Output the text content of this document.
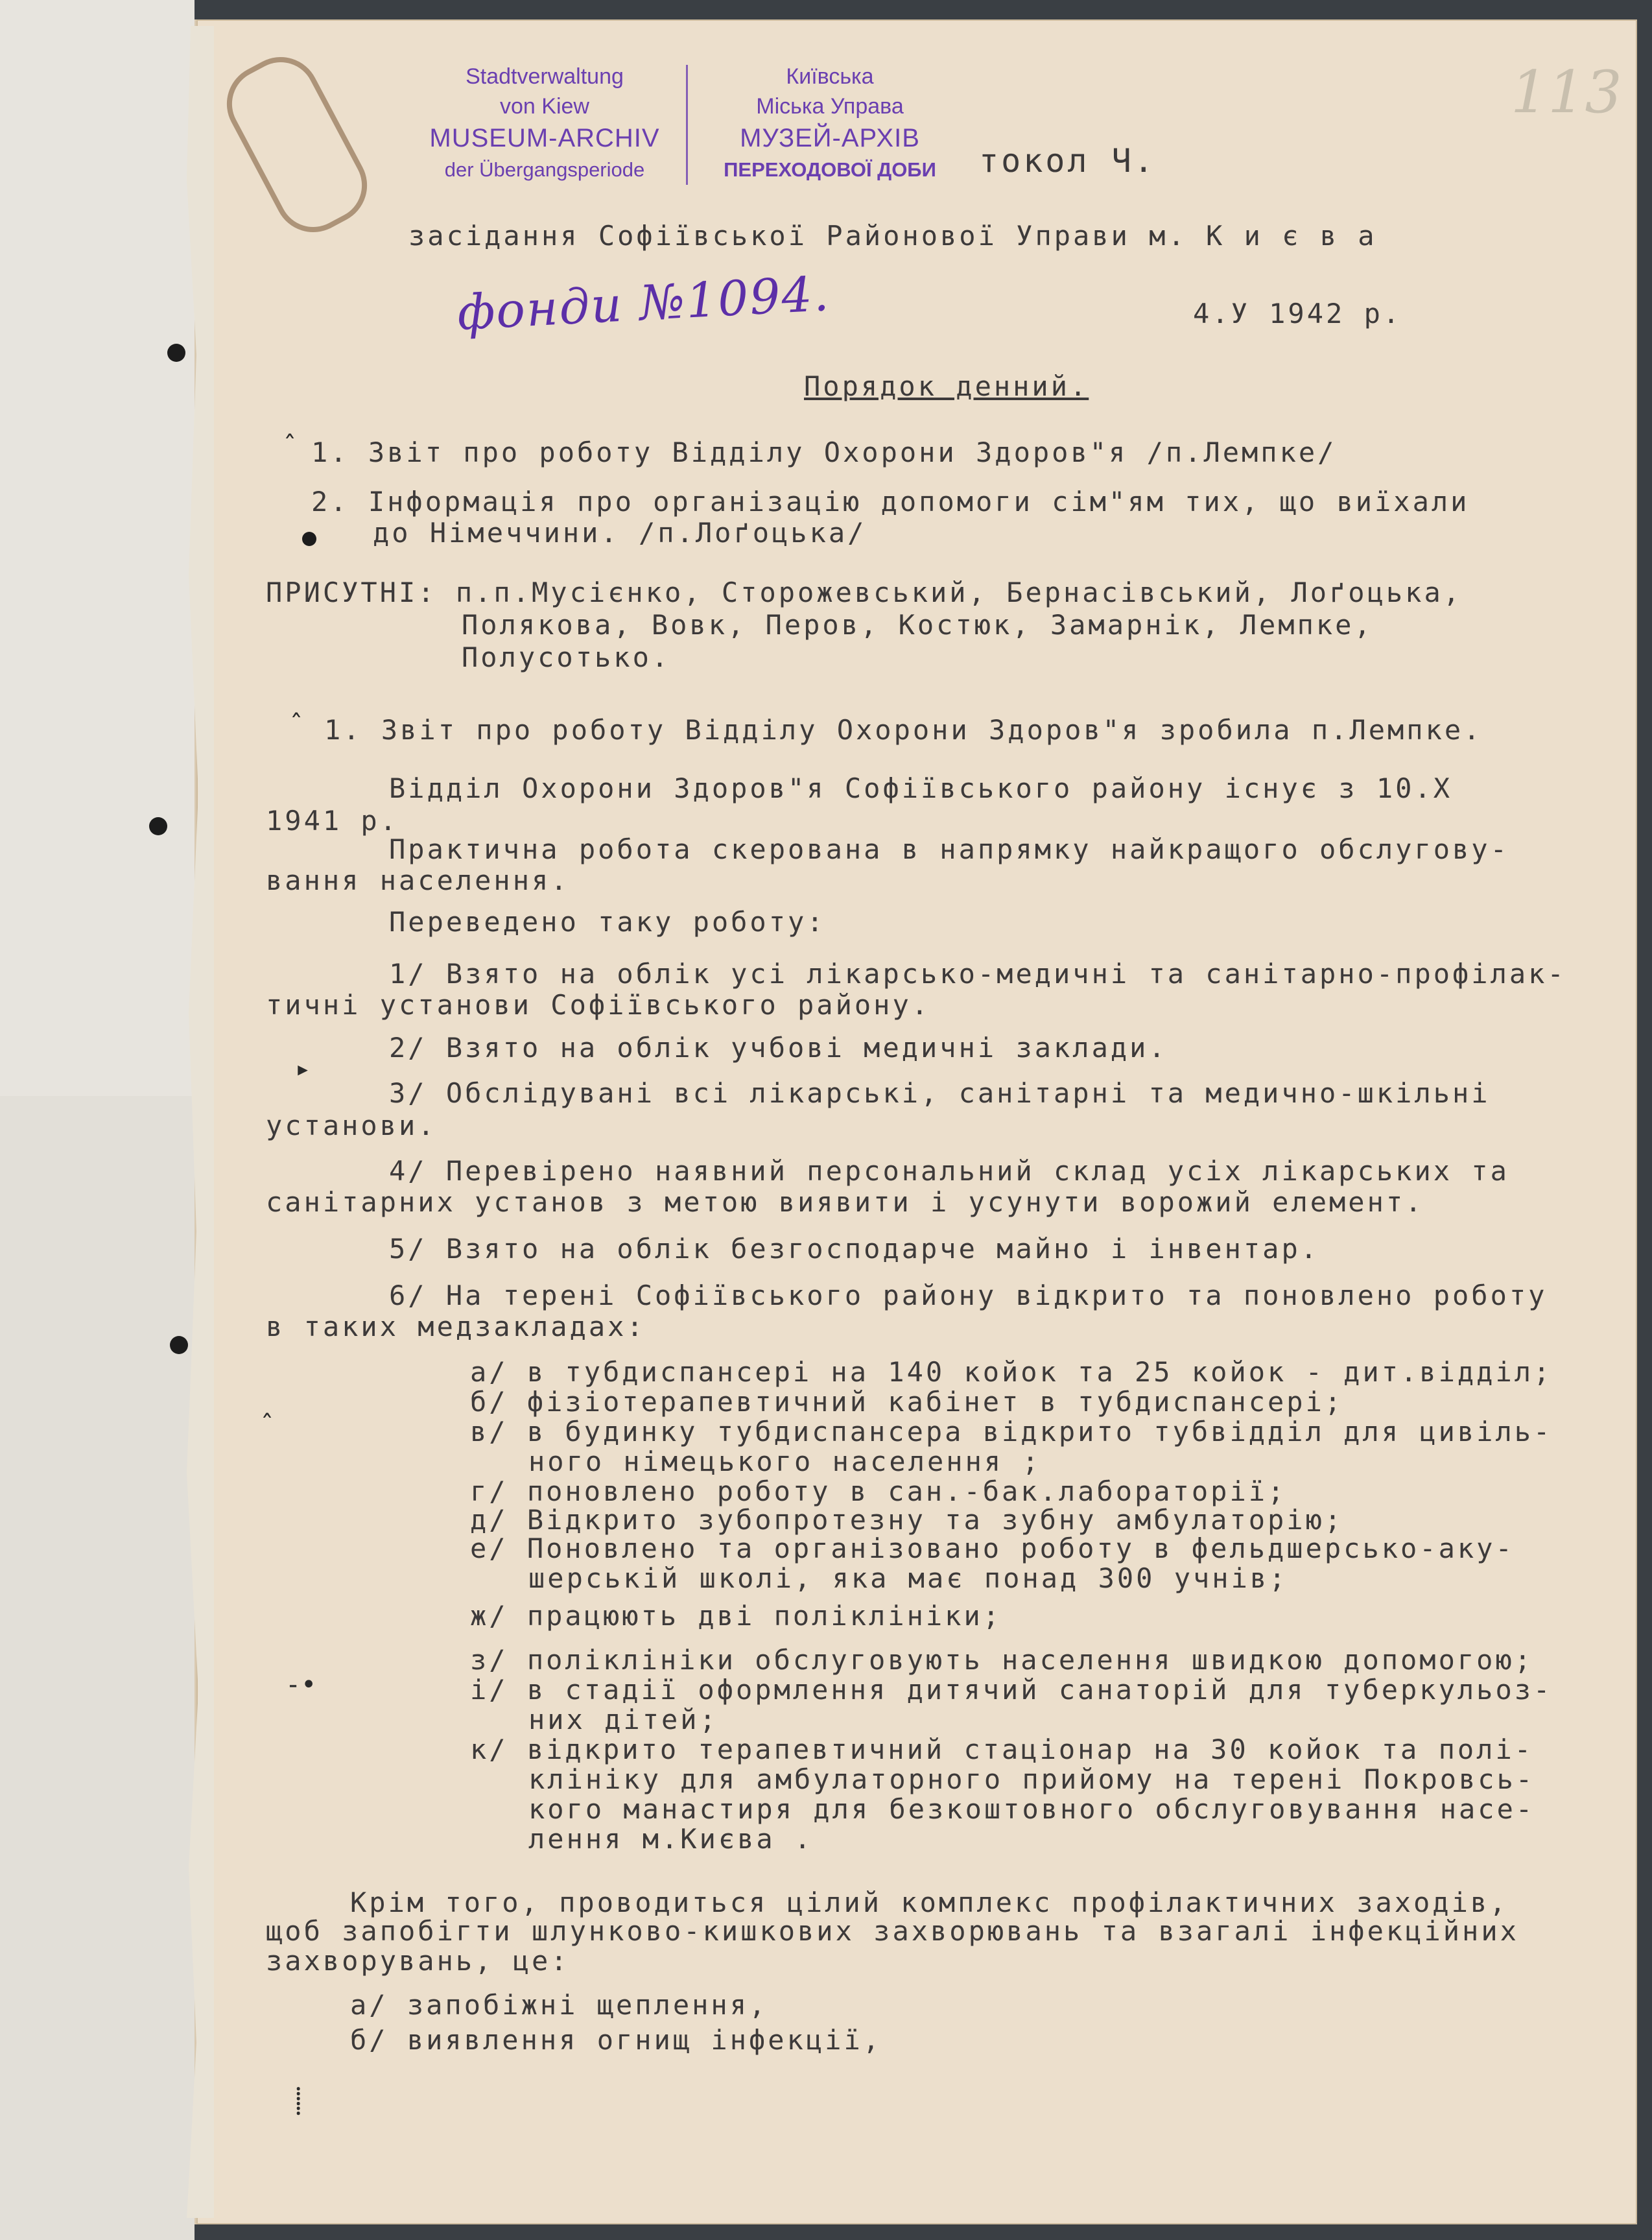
Stadtverwaltung
von Kiew
MUSEUM-ARCHIV
der Übergangsperiode
Київська
Міська Управа
МУЗЕЙ-АРХІВ
ПЕРЕХОДОВОЇ ДОБИ
113
токол Ч.
засідання Софіївської Районової Управи м. К и є в а
фонди №1094.	4.У 1942 р.
Порядок денний.
ˆ 1. Звіт про роботу Відділу Охорони Здоров"я /п.Лемпке/
2. Інформація про організацію допомоги сім"ям тих, що виїхали
до Німеччини. /п.Лоґоцька/
ПРИСУТНІ: п.п.Мусієнко, Сторожевський, Бернасівський, Лоґоцька,
Полякова, Вовк, Перов, Костюк, Замарнік, Лемпке,
Полусотько.
ˆ 1. Звіт про роботу Відділу Охорони Здоров"я зробила п.Лемпке.
Відділ Охорони Здоров"я Софіївського району існує з 10.Х
1941 р.
Практична робота скерована в напрямку найкращого обслугову-
вання населення.
Переведено таку роботу:
1/ Взято на облік усі лікарсько-медичні та санітарно-профілак-
тичні установи Софіївського району.
2/ Взято на облік учбові медичні заклади.
▸
3/ Обслідувані всі лікарські, санітарні та медично-шкільні
установи.
4/ Перевірено наявний персональний склад усіх лікарських та
санітарних установ з метою виявити і усунути ворожий елемент.
5/ Взято на облік безгосподарче майно і інвентар.
6/ На терені Софіївського району відкрито та поновлено роботу
в таких медзакладах:
а/ в тубдиспансері на 140 койок та 25 койок - дит.відділ;
б/ фізіотерапевтичний кабінет в тубдиспансері;
ˆ	в/ в будинку тубдиспансера відкрито тубвідділ для цивіль-
ного німецького населення ;
г/ поновлено роботу в сан.-бак.лабораторії;
д/ Відкрито зубопротезну та зубну амбулаторію;
е/ Поновлено та організовано роботу в фельдшерсько-аку-
шерській школі, яка має понад 300 учнів;
ж/ працюють дві поліклініки;
з/ поліклініки обслуговують населення швидкою допомогою;
-•	і/ в стадії оформлення дитячий санаторій для туберкульоз-
них дітей;
к/ відкрито терапевтичний стаціонар на 30 койок та полі-
клініку для амбулаторного прийому на терені Покровсь-
кого манастиря для безкоштовного обслуговування насе-
лення м.Києва .
Крім того, проводиться цілий комплекс профілактичних заходів,
щоб запобігти шлунково-кишкових захворювань та взагалі інфекційних
захворувань, це:
а/ запобіжні щеплення,
б/ виявлення огнищ інфекції,
⸽
